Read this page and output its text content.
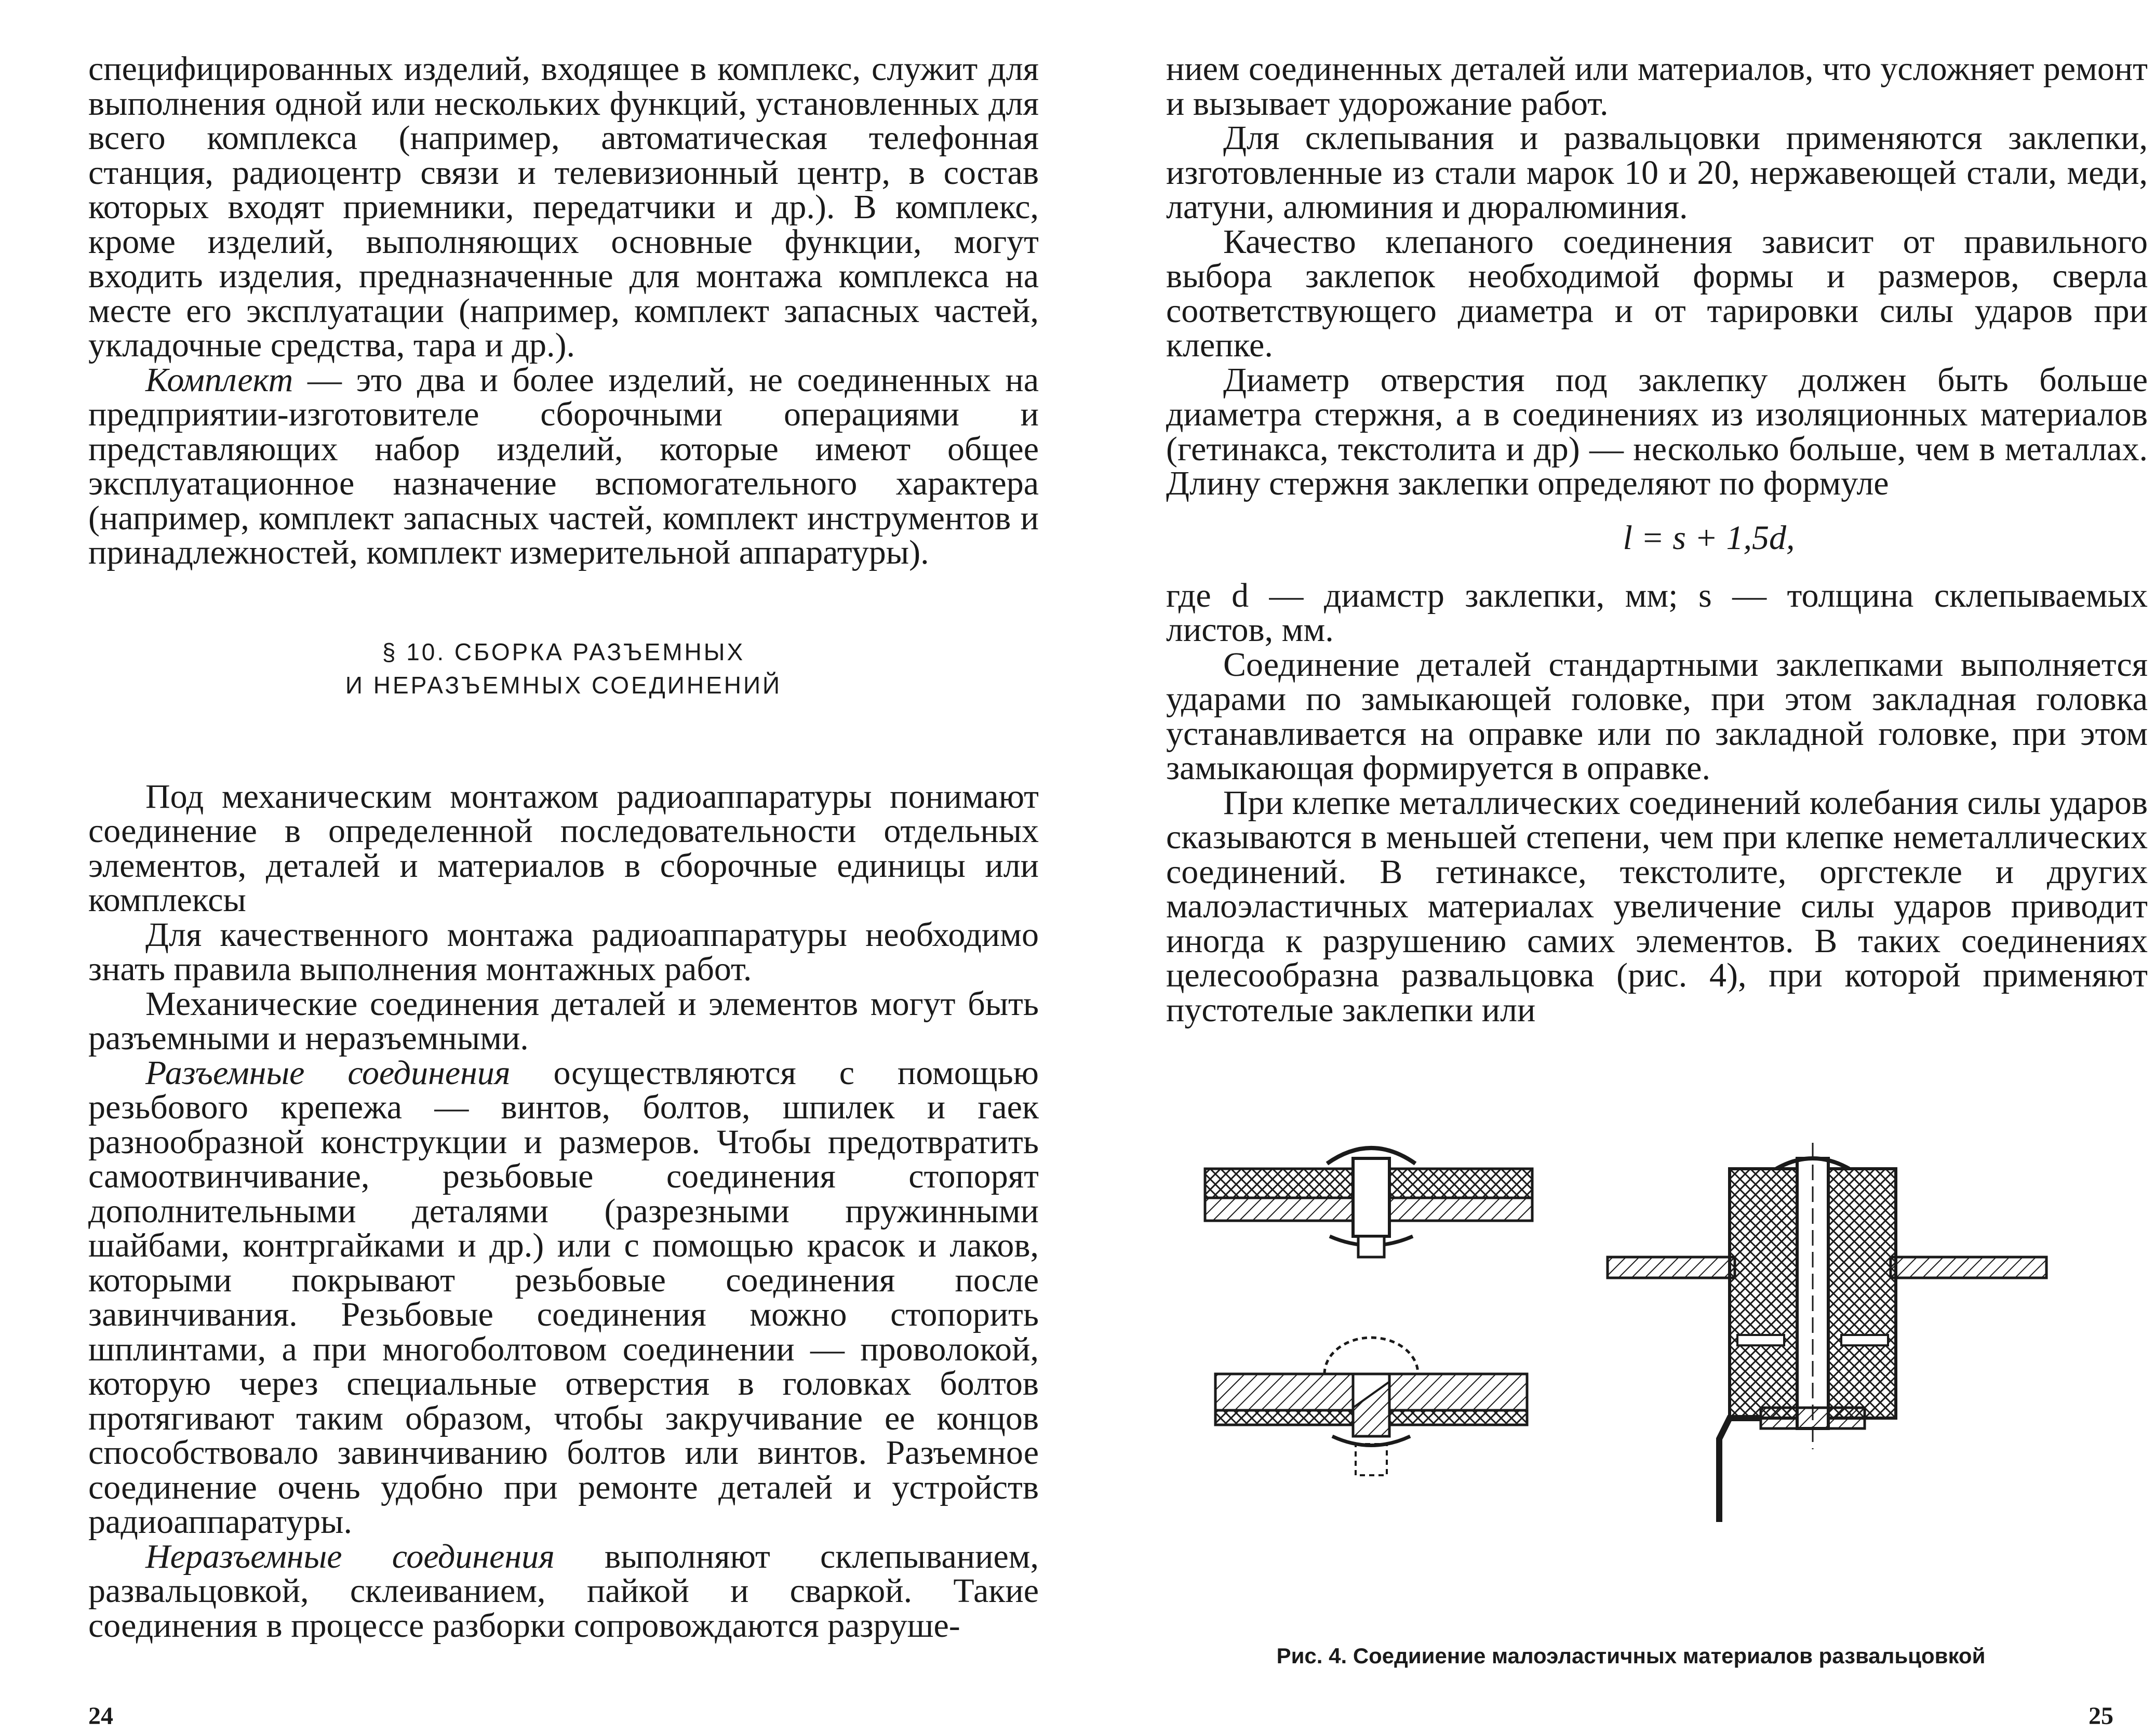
специфицированных изделий, входящее в комплекс, служит для выполнения одной или нескольких функций, установленных для всего комплекса (например, автоматическая телефонная станция, радиоцентр связи и телевизионный центр, в состав которых входят приемники, передатчики и др.). В комплекс, кроме изделий, выполняющих основные функции, могут входить изделия, предназначенные для монтажа комплекса на месте его эксплуатации (например, комплект запасных частей, укладочные средства, тара и др.).

Комплект — это два и более изделий, не соединенных на предприятии-изготовителе сборочными операциями и представляющих набор изделий, которые имеют общее эксплуатационное назначение вспомогательного характера (например, комплект запасных частей, комплект инструментов и принадлежностей, комплект измерительной аппаратуры).

§ 10. СБОРКА РАЗЪЕМНЫХ
И НЕРАЗЪЕМНЫХ СОЕДИНЕНИЙ

Под механическим монтажом радиоаппаратуры понимают соединение в определенной последовательности отдельных элементов, деталей и материалов в сборочные единицы или комплексы

Для качественного монтажа радиоаппаратуры необходимо знать правила выполнения монтажных работ.

Механические соединения деталей и элементов могут быть разъемными и неразъемными.

Разъемные соединения осуществляются с помощью резьбового крепежа — винтов, болтов, шпилек и гаек разнообразной конструкции и размеров. Чтобы предотвратить самоотвинчивание, резьбовые соединения стопорят дополнительными деталями (разрезными пружинными шайбами, контргайками и др.) или с помощью красок и лаков, которыми покрывают резьбовые соединения после завинчивания. Резьбовые соединения можно стопорить шплинтами, а при многоболтовом соединении — проволокой, которую через специальные отверстия в головках болтов протягивают таким образом, чтобы закручивание ее концов способствовало завинчиванию болтов или винтов. Разъемное соединение очень удобно при ремонте деталей и устройств радиоаппаратуры.

Неразъемные соединения выполняют склепыванием, развальцовкой, склеиванием, пайкой и сваркой. Такие соединения в процессе разборки сопровождаются разруше-

24

нием соединенных деталей или материалов, что усложняет ремонт и вызывает удорожание работ.

Для склепывания и развальцовки применяются заклепки, изготовленные из стали марок 10 и 20, нержавеющей стали, меди, латуни, алюминия и дюралюминия.

Качество клепаного соединения зависит от правильного выбора заклепок необходимой формы и размеров, сверла соответствующего диаметра и от тарировки силы ударов при клепке.

Диаметр отверстия под заклепку должен быть больше диаметра стержня, а в соединениях из изоляционных материалов (гетинакса, текстолита и др) — несколько больше, чем в металлах. Длину стержня заклепки определяют по формуле

l = s + 1,5d,

где d — диамстр заклепки, мм; s — толщина склепываемых листов, мм.

Соединение деталей стандартными заклепками выполняется ударами по замыкающей головке, при этом закладная головка устанавливается на оправке или по закладной головке, при этом замыкающая формируется в оправке.

При клепке металлических соединений колебания силы ударов сказываются в меньшей степени, чем при клепке неметаллических соединений. В гетинаксе, текстолите, оргстекле и других малоэластичных материалах увеличение силы ударов приводит иногда к разрушению самих элементов. В таких соединениях целесообразна развальцовка (рис. 4), при которой применяют пустотелые заклепки или

25
Рис. 4. Соедииение малоэластичных материалов развальцовкой
